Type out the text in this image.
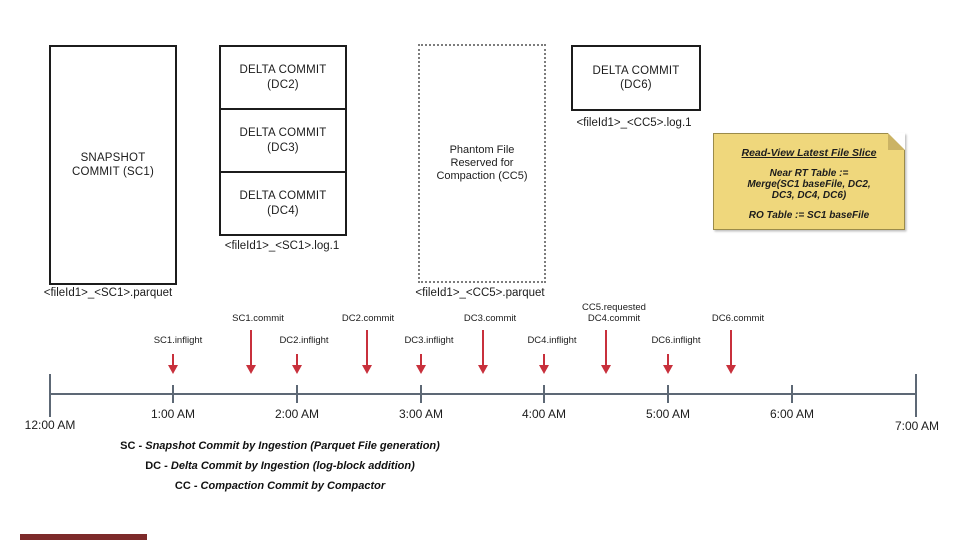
SNAPSHOT
COMMIT (SC1)
DELTA COMMIT
(DC2)
DELTA COMMIT
(DC3)
DELTA COMMIT
(DC4)
Phantom File
Reserved for
Compaction (CC5)
DELTA COMMIT
(DC6)
<fileId1>_<SC1>.parquet
<fileId1>_<SC1>.log.1
<fileId1>_<CC5>.parquet
<fileId1>_<CC5>.log.1
Read-View Latest File Slice
Near RT Table :=
Merge(SC1 baseFile, DC2,
DC3, DC4, DC6)
RO Table := SC1 baseFile
12:00 AM
1:00 AM	2:00 AM	3:00 AM	4:00 AM	5:00 AM	6:00 AM
7:00 AM
SC1.inflight
SC1.commit
DC2.inflight
DC2.commit
DC3.inflight
DC3.commit
DC4.inflight
CC5.requested
DC4.commit
DC6.inflight
DC6.commit
SC - Snapshot Commit by Ingestion (Parquet File generation)
DC - Delta Commit by Ingestion (log-block addition)
CC - Compaction Commit by Compactor
